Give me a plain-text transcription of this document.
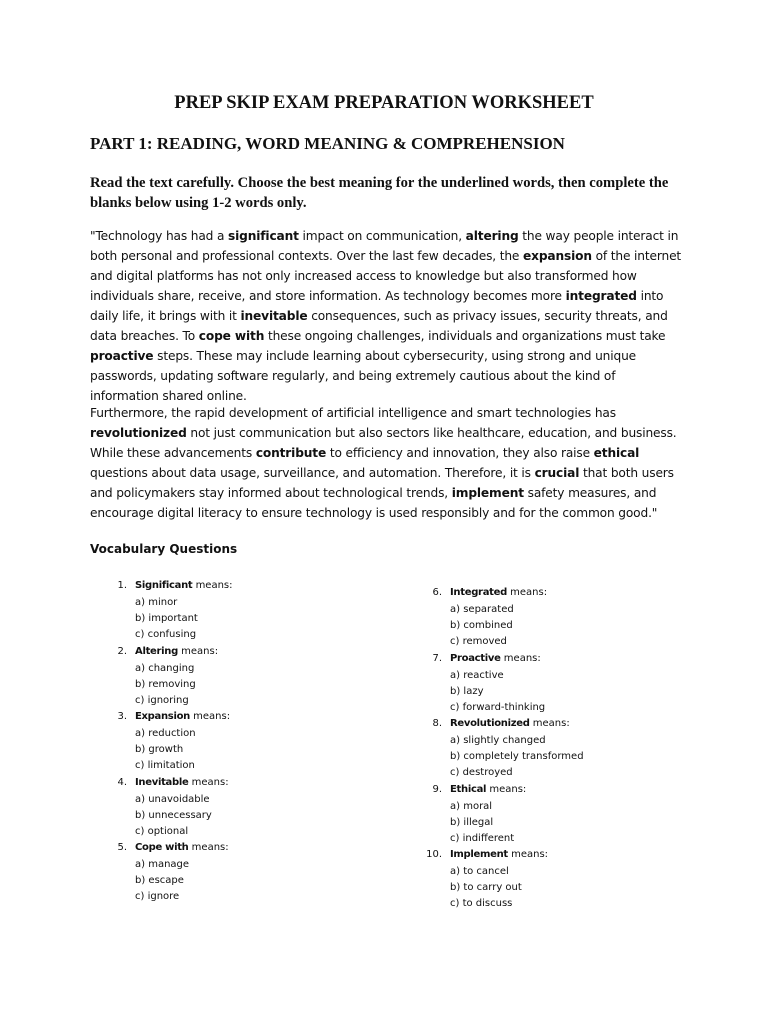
PREP SKIP EXAM PREPARATION WORKSHEET
PART 1: READING, WORD MEANING & COMPREHENSION
Read the text carefully. Choose the best meaning for the underlined words, then complete the blanks below using 1-2 words only.
"Technology has had a significant impact on communication, altering the way people interact in both personal and professional contexts. Over the last few decades, the expansion of the internet and digital platforms has not only increased access to knowledge but also transformed how individuals share, receive, and store information. As technology becomes more integrated into daily life, it brings with it inevitable consequences, such as privacy issues, security threats, and data breaches. To cope with these ongoing challenges, individuals and organizations must take proactive steps. These may include learning about cybersecurity, using strong and unique passwords, updating software regularly, and being extremely cautious about the kind of information shared online.
Furthermore, the rapid development of artificial intelligence and smart technologies has revolutionized not just communication but also sectors like healthcare, education, and business. While these advancements contribute to efficiency and innovation, they also raise ethical questions about data usage, surveillance, and automation. Therefore, it is crucial that both users and policymakers stay informed about technological trends, implement safety measures, and encourage digital literacy to ensure technology is used responsibly and for the common good."
Vocabulary Questions
1. Significant means:
a) minor
b) important
c) confusing
2. Altering means:
a) changing
b) removing
c) ignoring
3. Expansion means:
a) reduction
b) growth
c) limitation
4. Inevitable means:
a) unavoidable
b) unnecessary
c) optional
5. Cope with means:
a) manage
b) escape
c) ignore
6. Integrated means:
a) separated
b) combined
c) removed
7. Proactive means:
a) reactive
b) lazy
c) forward-thinking
8. Revolutionized means:
a) slightly changed
b) completely transformed
c) destroyed
9. Ethical means:
a) moral
b) illegal
c) indifferent
10. Implement means:
a) to cancel
b) to carry out
c) to discuss
